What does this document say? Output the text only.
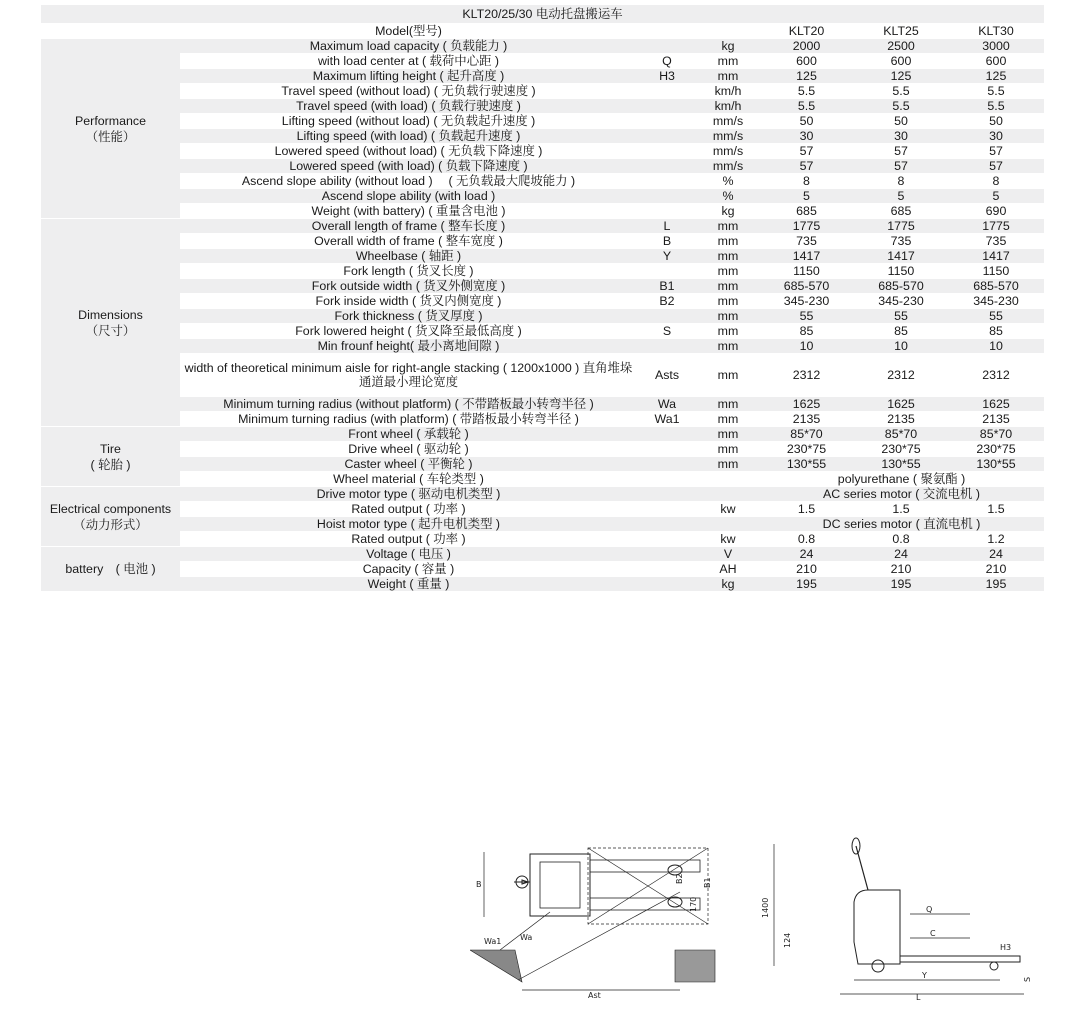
KLT20/25/30 电动托盘搬运车						
	Model(型号)			KLT20	KLT25	KLT30

Performance
（性能）	Maximum load capacity ( 负载能力 )		kg	2000	2500	3000
	with load center at ( 载荷中心距 )	Q	mm	600	600	600
	Maximum lifting height ( 起升高度 )	H3	mm	125	125	125
	Travel speed (without load) ( 无负载行驶速度 )		km/h	5.5	5.5	5.5
	Travel speed (with load) ( 负载行驶速度 )		km/h	5.5	5.5	5.5
	Lifting speed (without load) ( 无负载起升速度 )		mm/s	50	50	50
	Lifting speed (with load) ( 负载起升速度 )		mm/s	30	30	30
	Lowered speed (without load) ( 无负载下降速度 )		mm/s	57	57	57
	Lowered speed (with load) ( 负载下降速度 )		mm/s	57	57	57
	Ascend slope ability (without load )　 ( 无负载最大爬坡能力 )		%	8	8	8
	Ascend slope ability (with load )		%	5	5	5
	Weight (with battery) ( 重量含电池 )		kg	685	685	690

Dimensions
（尺寸）	Overall length of frame ( 整车长度 )	L	mm	1775	1775	1775
	Overall width of frame ( 整车宽度 )	B	mm	735	735	735
	Wheelbase ( 轴距 )	Y	mm	1417	1417	1417
	Fork length ( 货叉长度 )		mm	1150	1150	1150
	Fork outside width ( 货叉外侧宽度 )	B1	mm	685-570	685-570	685-570
	Fork inside width ( 货叉内侧宽度 )	B2	mm	345-230	345-230	345-230
	Fork thickness ( 货叉厚度 )		mm	55	55	55
	Fork lowered height ( 货叉降至最低高度 )	S	mm	85	85	85
	Min frounf height( 最小离地间隙 )		mm	10	10	10
	width of theoretical minimum aisle for right-angle stacking ( 1200x1000 ) 直角堆垛通道最小理论宽度	Asts	mm	2312	2312	2312
	Minimum turning radius (without platform) ( 不带踏板最小转弯半径 )	Wa	mm	1625	1625	1625
	Minimum turning radius (with platform) ( 带踏板最小转弯半径 )	Wa1	mm	2135	2135	2135

Tire
( 轮胎 )	Front wheel ( 承载轮 )		mm	85*70	85*70	85*70
	Drive wheel ( 驱动轮 )		mm	230*75	230*75	230*75
	Caster wheel ( 平衡轮 )		mm	130*55	130*55	130*55
	Wheel material ( 车轮类型 )			polyurethane ( 聚氨酯 )		

Electrical components
（动力形式）	Drive motor type ( 驱动电机类型 )			AC series motor ( 交流电机 )		
	Rated output ( 功率 )		kw	1.5	1.5	1.5
	Hoist motor type ( 起升电机类型 )			DC series motor ( 直流电机 )		
	Rated output ( 功率 )		kw	0.8	0.8	1.2

battery　( 电池 )	Voltage ( 电压 )		V	24	24	24
	Capacity ( 容量 )		AH	210	210	210
	Weight ( 重量 )		kg	195	195	195
B
B2 B1
170
Wa1 Wa
Ast
1400	Q
C
H3
124
Y
L
S
